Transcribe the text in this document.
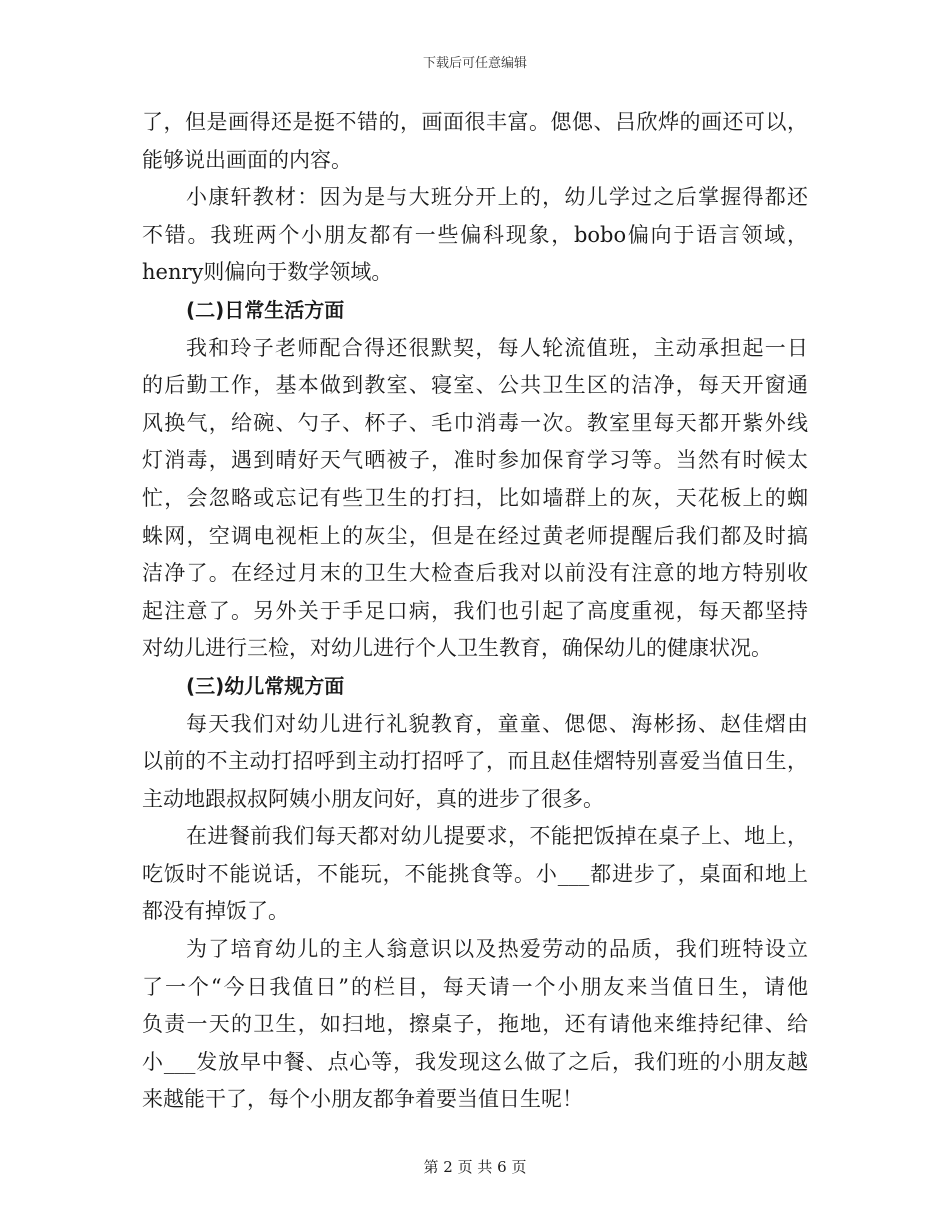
下载后可任意编辑
了，但是画得还是挺不错的，画面很丰富。偲偲、吕欣烨的画还可以，
能够说出画面的内容。
小康轩教材：因为是与大班分开上的，幼儿学过之后掌握得都还
不错。我班两个小朋友都有一些偏科现象，bobo偏向于语言领域，
henry则偏向于数学领域。
(二)日常生活方面
我和玲子老师配合得还很默契，每人轮流值班，主动承担起一日
的后勤工作，基本做到教室、寝室、公共卫生区的洁净，每天开窗通
风换气，给碗、勺子、杯子、毛巾消毒一次。教室里每天都开紫外线
灯消毒，遇到晴好天气晒被子，准时参加保育学习等。当然有时候太
忙，会忽略或忘记有些卫生的打扫，比如墙群上的灰，天花板上的蜘
蛛网，空调电视柜上的灰尘，但是在经过黄老师提醒后我们都及时搞
洁净了。在经过月末的卫生大检查后我对以前没有注意的地方特别收
起注意了。另外关于手足口病，我们也引起了高度重视，每天都坚持
对幼儿进行三检，对幼儿进行个人卫生教育，确保幼儿的健康状况。
(三)幼儿常规方面
每天我们对幼儿进行礼貌教育，童童、偲偲、海彬扬、赵佳熠由
以前的不主动打招呼到主动打招呼了，而且赵佳熠特别喜爱当值日生，
主动地跟叔叔阿姨小朋友问好，真的进步了很多。
在进餐前我们每天都对幼儿提要求，不能把饭掉在桌子上、地上，
吃饭时不能说话，不能玩，不能挑食等。小___都进步了，桌面和地上
都没有掉饭了。
为了培育幼儿的主人翁意识以及热爱劳动的品质，我们班特设立
了一个“今日我值日”的栏目，每天请一个小朋友来当值日生，请他
负责一天的卫生，如扫地，擦桌子，拖地，还有请他来维持纪律、给
小___发放早中餐、点心等，我发现这么做了之后，我们班的小朋友越
来越能干了，每个小朋友都争着要当值日生呢！
第 2 页 共 6 页
